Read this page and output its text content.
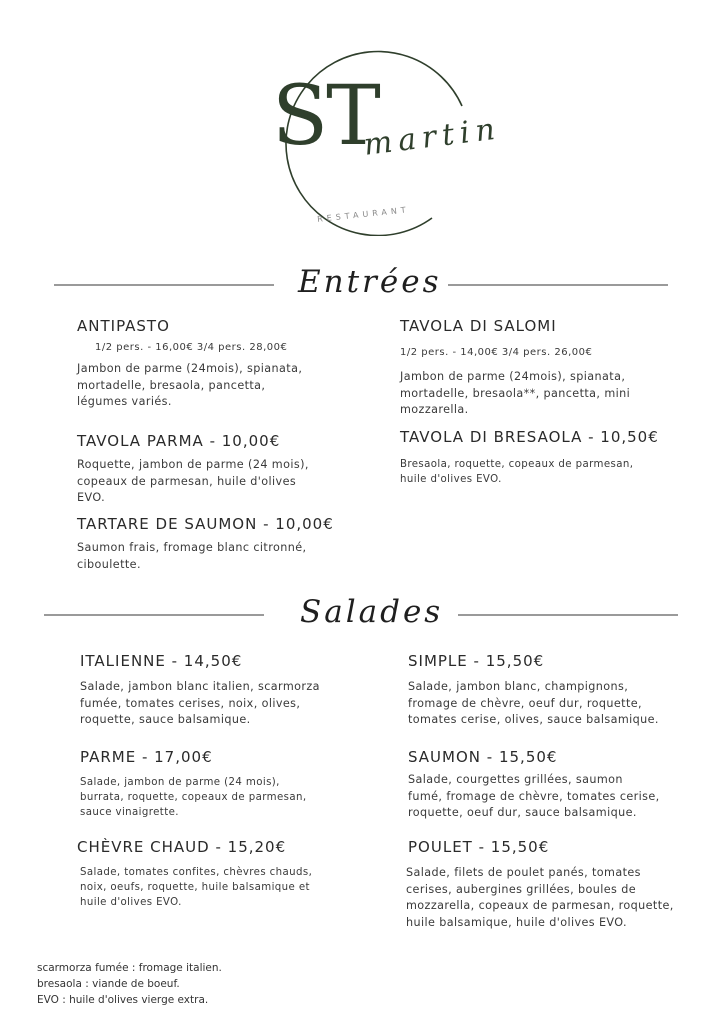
ST
martin
RESTAURANT
Entrées
ANTIPASTO
1/2 pers. - 16,00€ 3/4 pers. 28,00€
Jambon de parme (24mois), spianata,
mortadelle, bresaola, pancetta,
légumes variés.
TAVOLA PARMA - 10,00€
Roquette, jambon de parme (24 mois),
copeaux de parmesan, huile d'olives
EVO.
TARTARE DE SAUMON - 10,00€
Saumon frais, fromage blanc citronné,
ciboulette.
TAVOLA DI SALOMI
1/2 pers. - 14,00€ 3/4 pers. 26,00€
Jambon de parme (24mois), spianata,
mortadelle, bresaola**, pancetta, mini
mozzarella.
TAVOLA DI BRESAOLA - 10,50€
Bresaola, roquette, copeaux de parmesan,
huile d'olives EVO.
Salades
ITALIENNE - 14,50€
Salade, jambon blanc italien, scarmorza
fumée, tomates cerises, noix, olives,
roquette, sauce balsamique.
PARME - 17,00€
Salade, jambon de parme (24 mois),
burrata, roquette, copeaux de parmesan,
sauce vinaigrette.
CHÈVRE CHAUD - 15,20€
Salade, tomates confites, chèvres chauds,
noix, oeufs, roquette, huile balsamique et
huile d'olives EVO.
SIMPLE - 15,50€
Salade, jambon blanc, champignons,
fromage de chèvre, oeuf dur, roquette,
tomates cerise, olives, sauce balsamique.
SAUMON - 15,50€
Salade, courgettes grillées, saumon
fumé, fromage de chèvre, tomates cerise,
roquette, oeuf dur, sauce balsamique.
POULET - 15,50€
Salade, filets de poulet panés, tomates
cerises, aubergines grillées, boules de
mozzarella, copeaux de parmesan, roquette,
huile balsamique, huile d'olives EVO.
scarmorza fumée : fromage italien.
bresaola : viande de boeuf.
EVO : huile d'olives vierge extra.
